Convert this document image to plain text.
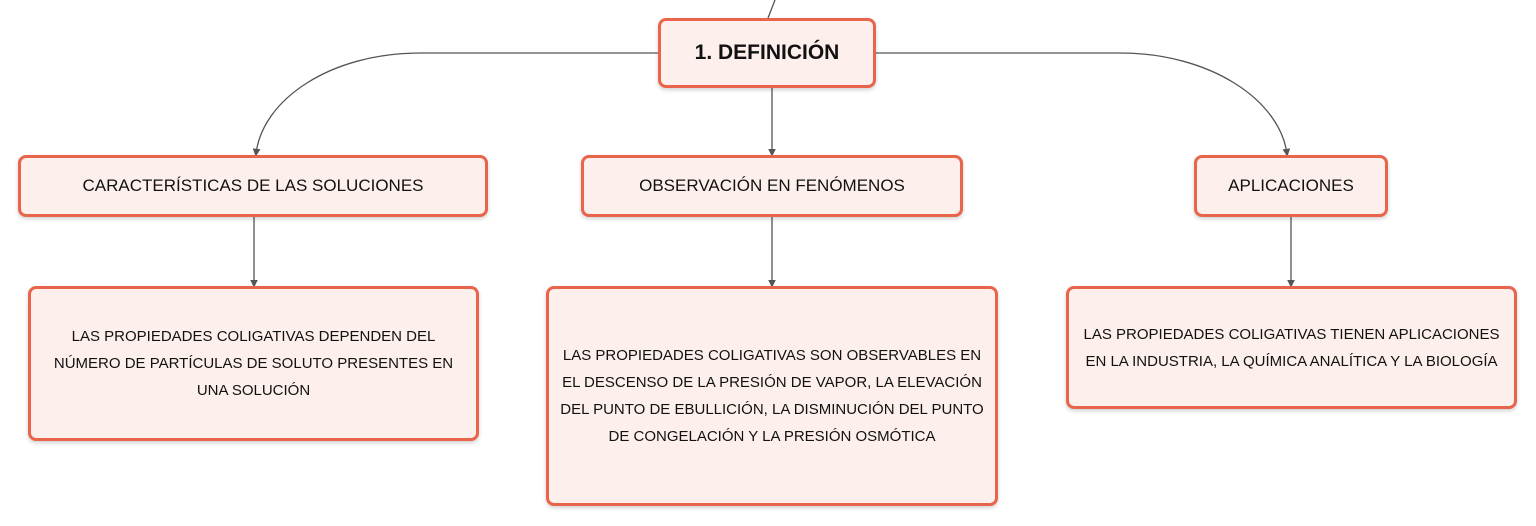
1. DEFINICIÓN
CARACTERÍSTICAS DE LAS SOLUCIONES	OBSERVACIÓN EN FENÓMENOS	APLICACIONES
LAS PROPIEDADES COLIGATIVAS DEPENDEN DEL NÚMERO DE PARTÍCULAS DE SOLUTO PRESENTES EN UNA SOLUCIÓN
LAS PROPIEDADES COLIGATIVAS SON OBSERVABLES EN EL DESCENSO DE LA PRESIÓN DE VAPOR, LA ELEVACIÓN DEL PUNTO DE EBULLICIÓN, LA DISMINUCIÓN DEL PUNTO DE CONGELACIÓN Y LA PRESIÓN OSMÓTICA
LAS PROPIEDADES COLIGATIVAS TIENEN APLICACIONES EN LA INDUSTRIA, LA QUÍMICA ANALÍTICA Y LA BIOLOGÍA
